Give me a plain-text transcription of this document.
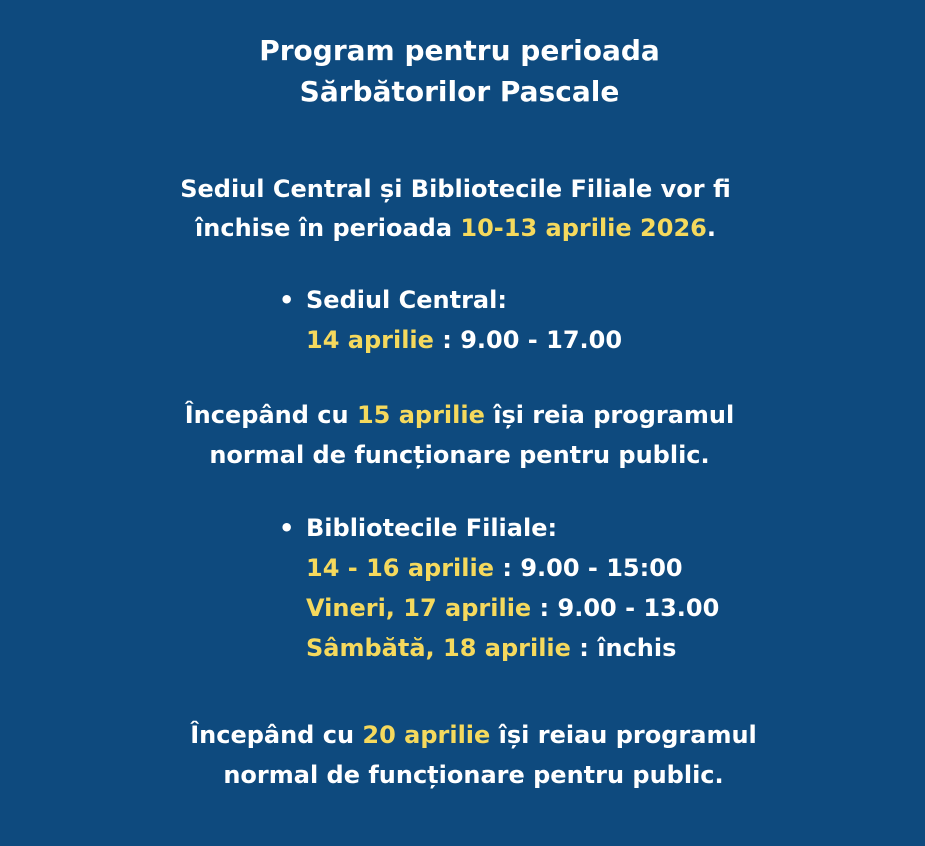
Program pentru perioada
Sărbătorilor Pascale
Sediul Central și Bibliotecile Filiale vor fi
închise în perioada 10-13 aprilie 2026.
• Sediul Central:
14 aprilie : 9.00 - 17.00
Începând cu 15 aprilie își reia programul
normal de funcționare pentru public.
• Bibliotecile Filiale:
14 - 16 aprilie : 9.00 - 15:00
Vineri, 17 aprilie : 9.00 - 13.00
Sâmbătă, 18 aprilie : închis
Începând cu 20 aprilie își reiau programul
normal de funcționare pentru public.
